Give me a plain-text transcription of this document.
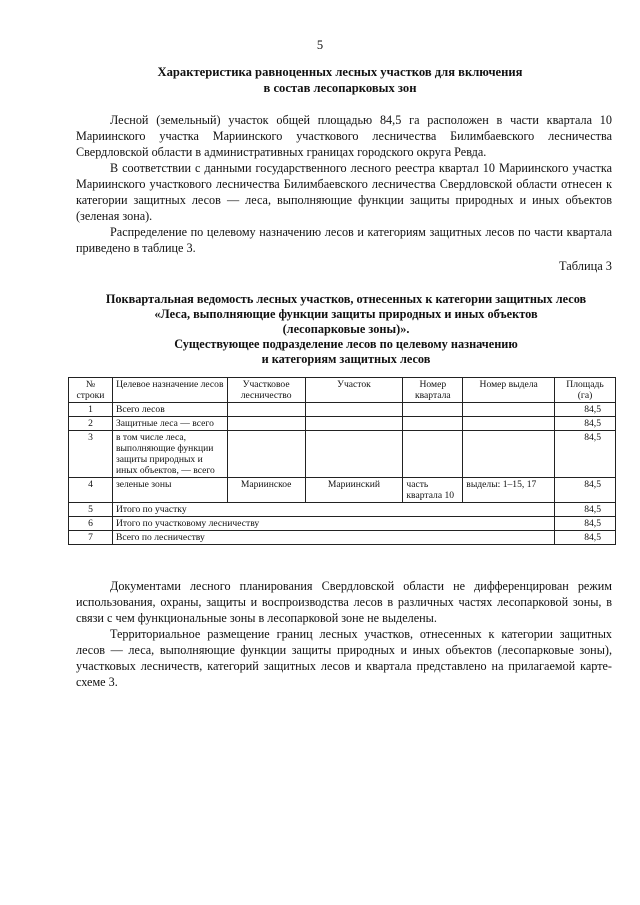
5
Характеристика равноценных лесных участков для включения
в состав лесопарковых зон

Лесной (земельный) участок общей площадью 84,5 га расположен в части квартала 10 Мариинского участка Мариинского участкового лесничества Билимбаевского лесничества Свердловской области в административных границах городского округа Ревда.

В соответствии с данными государственного лесного реестра квартал 10 Мариинского участка Мариинского участкового лесничества Билимбаевского лесничества Свердловской области отнесен к категории защитных лесов — леса, выполняющие функции защиты природных и иных объектов (зеленая зона).

Распределение по целевому назначению лесов и категориям защитных лесов по части квартала приведено в таблице 3.

Таблица 3
Поквартальная ведомость лесных участков, отнесенных к категории защитных лесов
«Леса, выполняющие функции защиты природных и иных объектов
(лесопарковые зоны)».
Существующее подразделение лесов по целевому назначению
и категориям защитных лесов
№ строки	Целевое назначение лесов	Участковое лесничество	Участок	Номер квартала	Номер выдела	Площадь (га)
1	Всего лесов					84,5
2	Защитные леса — всего					84,5
3	в том числе леса, выполняющие функции защиты природных и иных объектов, — всего					84,5
4	зеленые зоны	Мариинское	Мариинский	часть квартала 10	выделы: 1–15, 17	84,5
5	Итого по участку					84,5
6	Итого по участковому лесничеству					84,5
7	Всего по лесничеству					84,5

Документами лесного планирования Свердловской области не дифференцирован режим использования, охраны, защиты и воспроизводства лесов в различных частях лесопарковой зоны, в связи с чем функциональные зоны в лесопарковой зоне не выделены.

Территориальное размещение границ лесных участков, отнесенных к категории защитных лесов — леса, выполняющие функции защиты природных и иных объектов (лесопарковые зоны), участковых лесничеств, категорий защитных лесов и квартала представлено на прилагаемой карте-схеме 3.
